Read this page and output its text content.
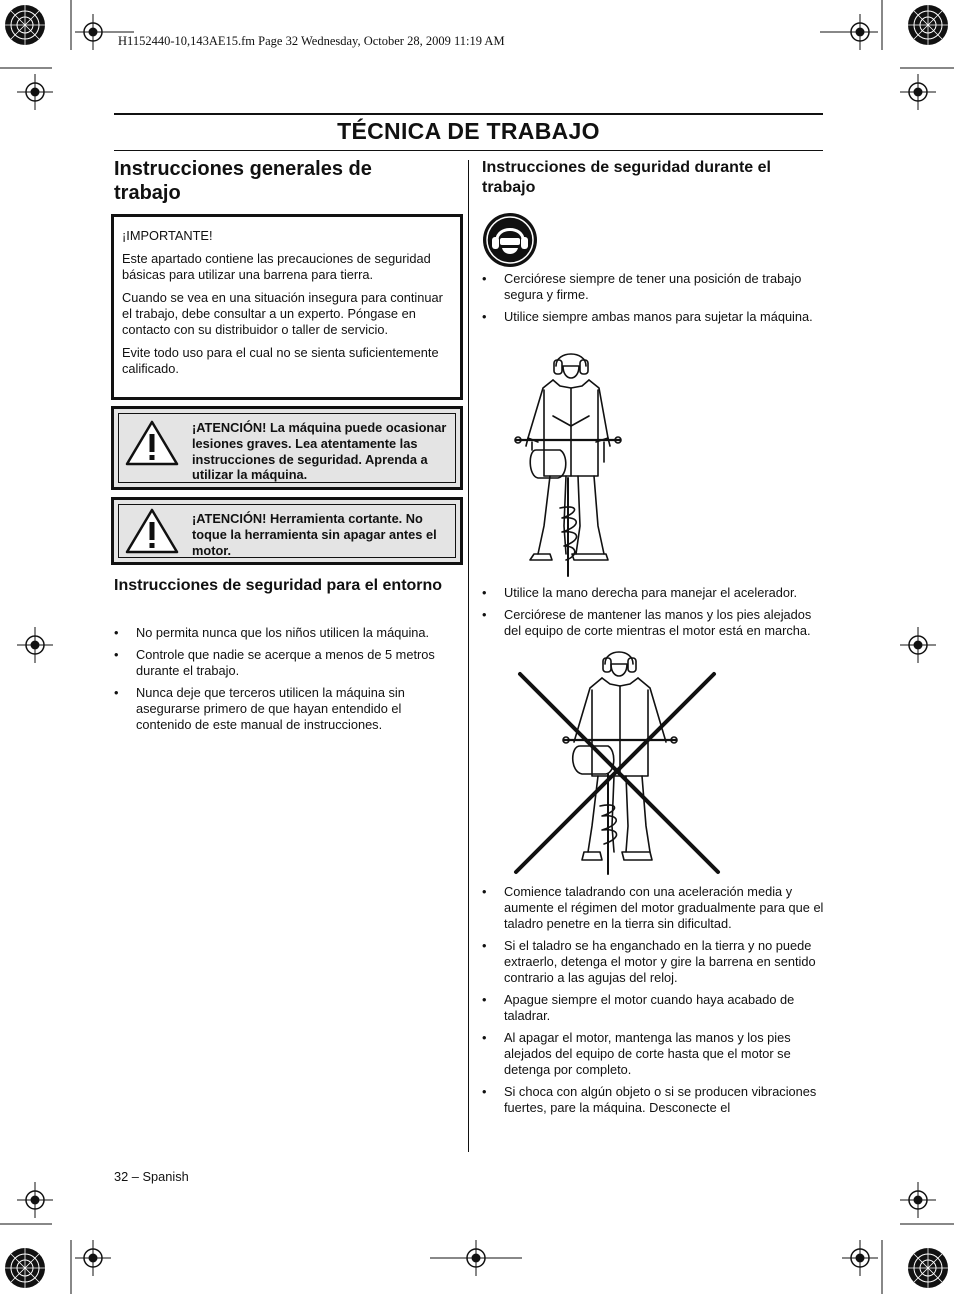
H1152440-10,143AE15.fm Page 32 Wednesday, October 28, 2009 11:19 AM
TÉCNICA DE TRABAJO
Instrucciones generales de trabajo

¡IMPORTANTE!

Este apartado contiene las precauciones de seguridad básicas para utilizar una barrena para tierra.

Cuando se vea en una situación insegura para continuar el trabajo, debe consultar a un experto. Póngase en contacto con su distribuidor o taller de servicio.

Evite todo uso para el cual no se sienta suficientemente calificado.

¡ATENCIÓN! La máquina puede ocasionar lesiones graves. Lea atentamente las instrucciones de seguridad. Aprenda a utilizar la máquina.
¡ATENCIÓN! Herramienta cortante. No toque la herramienta sin apagar antes el motor.
Instrucciones de seguridad para el entorno
• No permita nunca que los niños utilicen la máquina.
• Controle que nadie se acerque a menos de 5 metros durante el trabajo.
• Nunca deje que terceros utilicen la máquina sin asegurarse primero de que hayan entendido el contenido de este manual de instrucciones.
Instrucciones de seguridad durante el trabajo
• Cerciórese siempre de tener una posición de trabajo segura y firme.
• Utilice siempre ambas manos para sujetar la máquina.
• Utilice la mano derecha para manejar el acelerador.
• Cerciórese de mantener las manos y los pies alejados del equipo de corte mientras el motor está en marcha.
• Comience taladrando con una aceleración media y aumente el régimen del motor gradualmente para que el taladro penetre en la tierra sin dificultad.
• Si el taladro se ha enganchado en la tierra y no puede extraerlo, detenga el motor y gire la barrena en sentido contrario a las agujas del reloj.
• Apague siempre el motor cuando haya acabado de taladrar.
• Al apagar el motor, mantenga las manos y los pies alejados del equipo de corte hasta que el motor se detenga por completo.
• Si choca con algún objeto o si se producen vibraciones fuertes, pare la máquina. Desconecte el
32 – Spanish
